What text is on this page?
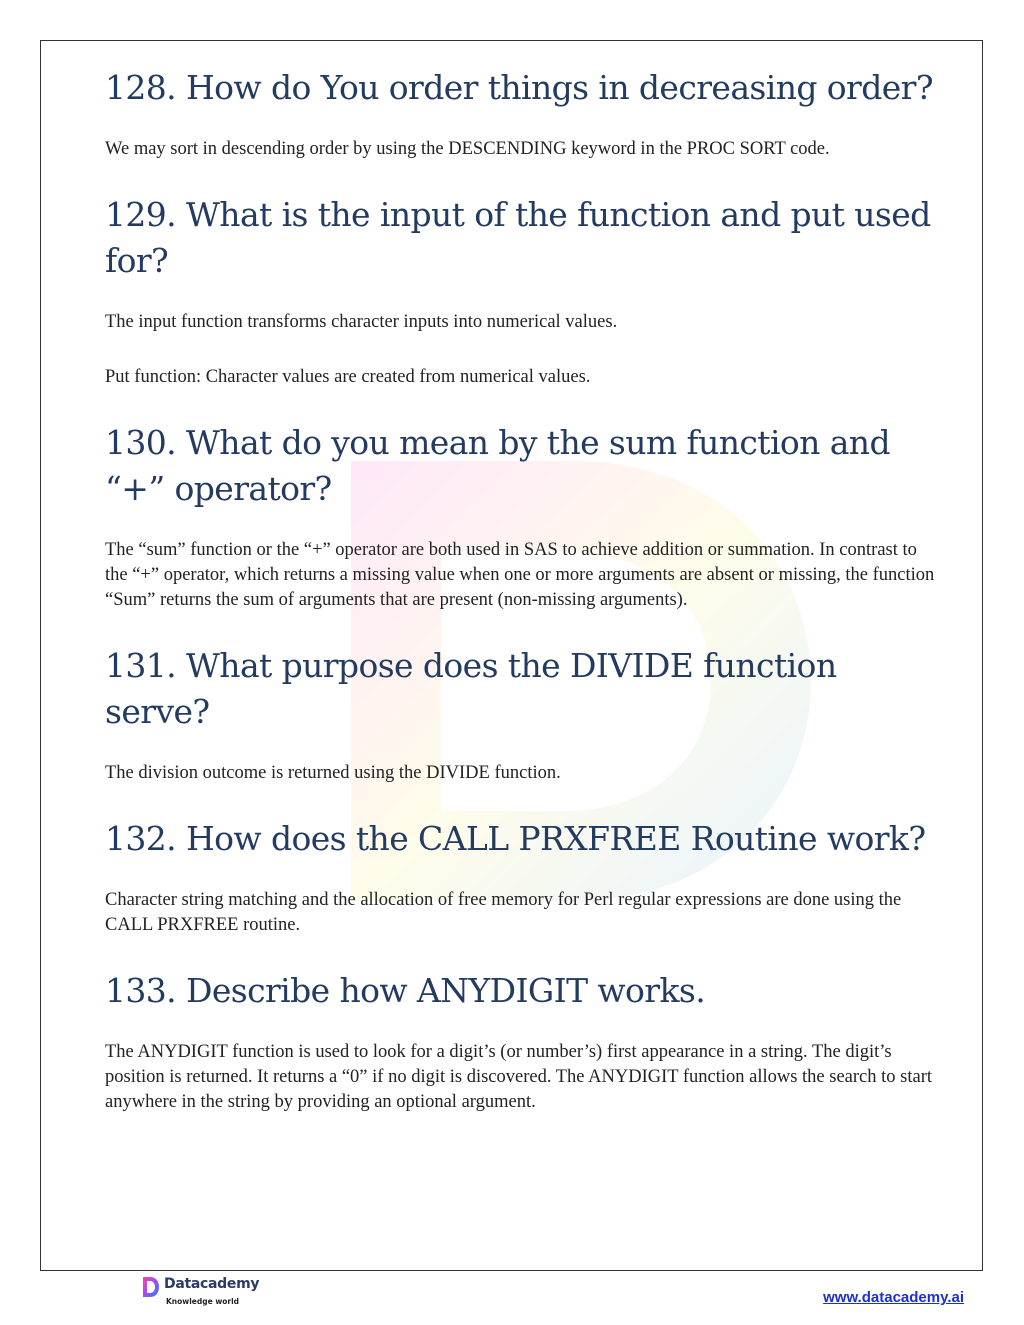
128. How do You order things in decreasing order?

We may sort in descending order by using the DESCENDING keyword in the PROC SORT code.

129. What is the input of the function and put used for?

The input function transforms character inputs into numerical values.

Put function: Character values are created from numerical values.

130. What do you mean by the sum function and “+” operator?

The “sum” function or the “+” operator are both used in SAS to achieve addition or summation. In contrast to the “+” operator, which returns a missing value when one or more arguments are absent or missing, the function “Sum” returns the sum of arguments that are present (non-missing arguments).

131. What purpose does the DIVIDE function serve?

The division outcome is returned using the DIVIDE function.

132. How does the CALL PRXFREE Routine work?

Character string matching and the allocation of free memory for Perl regular expressions are done using the CALL PRXFREE routine.

133. Describe how ANYDIGIT works.

The ANYDIGIT function is used to look for a digit’s (or number’s) first appearance in a string. The digit’s position is returned. It returns a “0” if no digit is discovered. The ANYDIGIT function allows the search to start anywhere in the string by providing an optional argument.

Datacademy
Knowledge world	www.datacademy.ai
